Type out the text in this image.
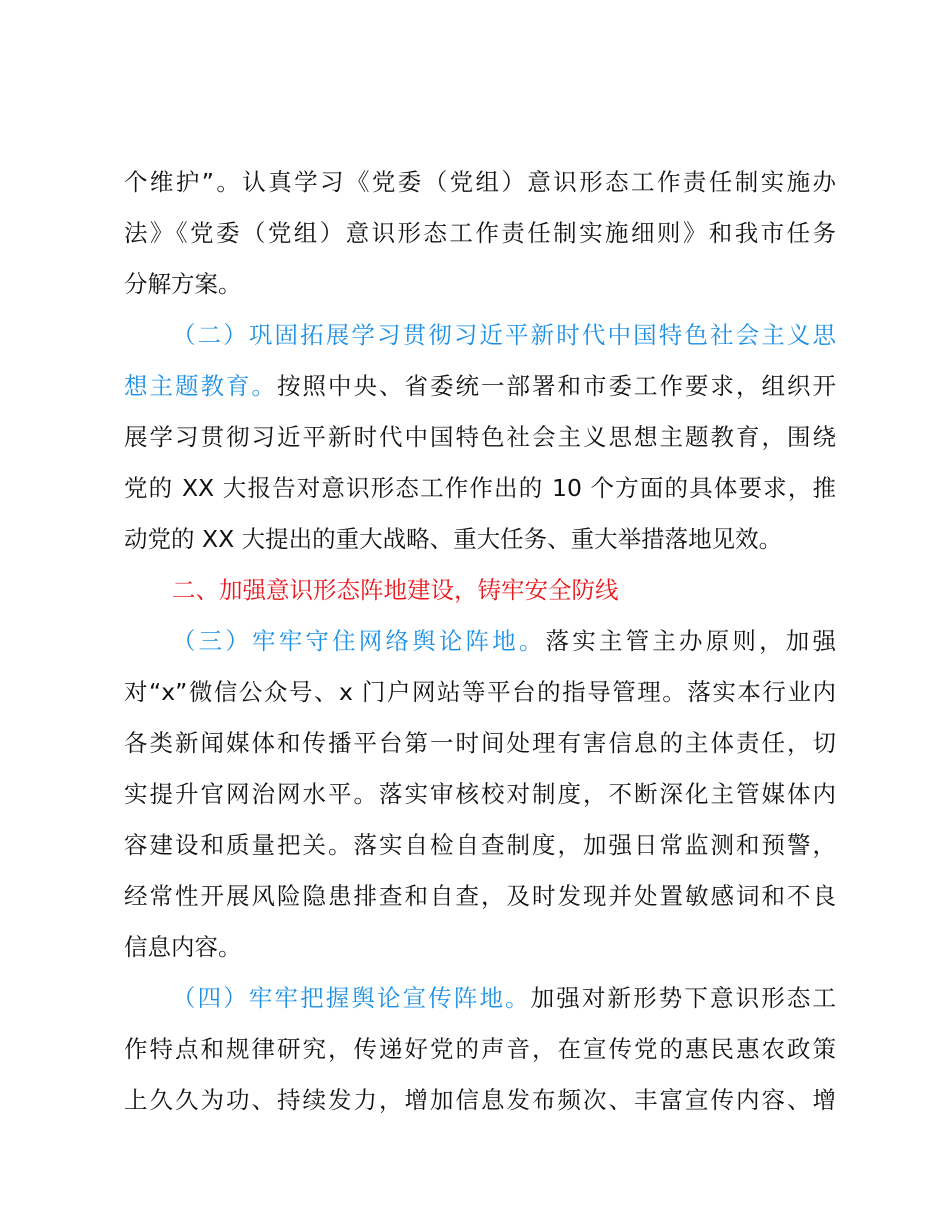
个维护”。认真学习《党委（党组）意识形态工作责任制实施办
法》《党委（党组）意识形态工作责任制实施细则》和我市任务
分解方案。
（二）巩固拓展学习贯彻习近平新时代中国特色社会主义思
想主题教育。按照中央、省委统一部署和市委工作要求，组织开
展学习贯彻习近平新时代中国特色社会主义思想主题教育，围绕
党的 XX 大报告对意识形态工作作出的 10 个方面的具体要求，推
动党的 XX 大提出的重大战略、重大任务、重大举措落地见效。
二、加强意识形态阵地建设，铸牢安全防线
（三）牢牢守住网络舆论阵地。落实主管主办原则，加强
对“x”微信公众号、x 门户网站等平台的指导管理。落实本行业内
各类新闻媒体和传播平台第一时间处理有害信息的主体责任，切
实提升官网治网水平。落实审核校对制度，不断深化主管媒体内
容建设和质量把关。落实自检自查制度，加强日常监测和预警，
经常性开展风险隐患排查和自查，及时发现并处置敏感词和不良
信息内容。
（四）牢牢把握舆论宣传阵地。加强对新形势下意识形态工
作特点和规律研究，传递好党的声音，在宣传党的惠民惠农政策
上久久为功、持续发力，增加信息发布频次、丰富宣传内容、增
